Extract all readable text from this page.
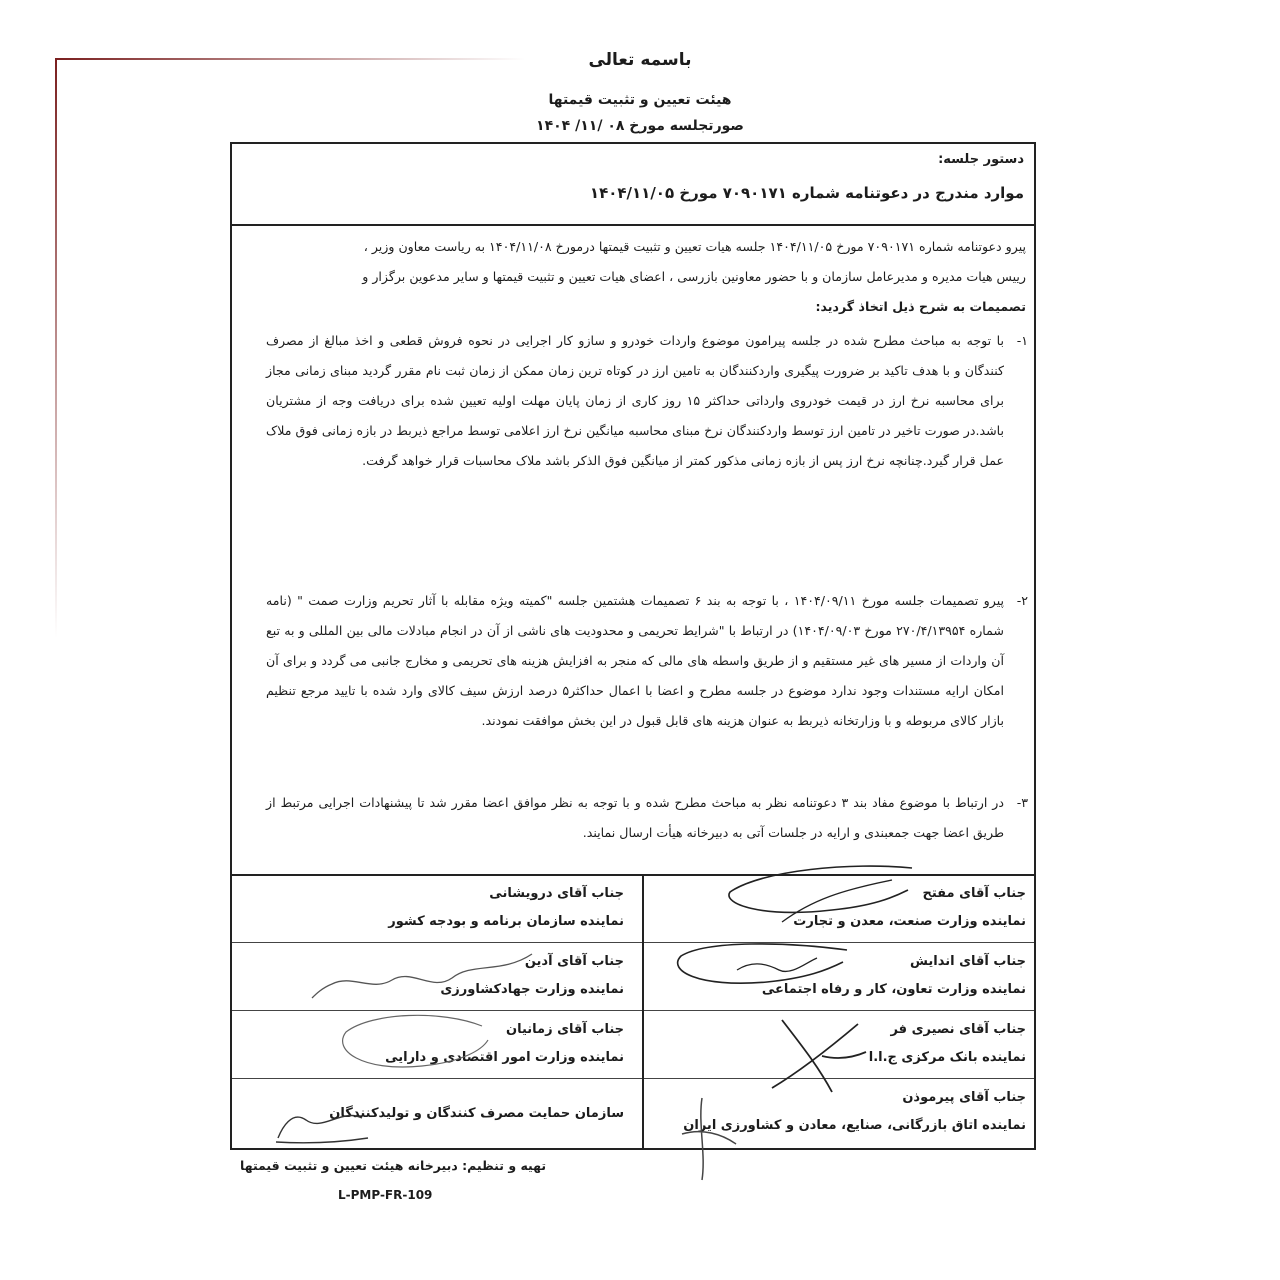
باسمه تعالی
هیئت تعیین و تثبیت قیمتها
صورتجلسه مورخ ۰۸ /۱۱/ ۱۴۰۴
دستور جلسه:
موارد مندرج در دعوتنامه شماره ۷۰۹۰۱۷۱ مورخ ۱۴۰۴/۱۱/۰۵
پیرو دعوتنامه شماره ۷۰۹۰۱۷۱ مورخ ۱۴۰۴/۱۱/۰۵ جلسه هیات تعیین و تثبیت قیمتها درمورخ ۱۴۰۴/۱۱/۰۸ به ریاست معاون وزیر ،
رییس هیات مدیره و مدیرعامل سازمان و با حضور معاونین بازرسی ، اعضای هیات تعیین و تثبیت قیمتها و سایر مدعوین برگزار و
تصمیمات به شرح ذیل اتخاذ گردید:
۱-
با توجه به مباحث مطرح شده در جلسه پیرامون موضوع واردات خودرو و سازو کار اجرایی در نحوه فروش قطعی و اخذ مبالغ از مصرف کنندگان و با هدف تاکید بر ضرورت پیگیری واردکنندگان به تامین ارز در کوتاه ترین زمان ممکن از زمان ثبت نام مقرر گردید مبنای زمانی مجاز برای محاسبه نرخ ارز در قیمت خودروی وارداتی حداکثر ۱۵ روز کاری از زمان پایان مهلت اولیه تعیین شده برای دریافت وجه از مشتریان باشد.در صورت تاخیر در تامین ارز توسط واردکنندگان نرخ مبنای محاسبه میانگین نرخ ارز اعلامی توسط مراجع ذیربط در بازه زمانی فوق ملاک عمل قرار گیرد.چنانچه نرخ ارز پس از بازه زمانی مذکور کمتر از میانگین فوق الذکر باشد ملاک محاسبات قرار خواهد گرفت.
۲-
پیرو تصمیمات جلسه مورخ ۱۴۰۴/۰۹/۱۱ ، با توجه به بند ۶ تصمیمات هشتمین جلسه "کمیته ویژه مقابله با آثار تحریم وزارت صمت " (نامه شماره ۲۷۰/۴/۱۳۹۵۴ مورخ ۱۴۰۴/۰۹/۰۳) در ارتباط با "شرایط تحریمی و محدودیت های ناشی از آن در انجام مبادلات مالی بین المللی و به تبع آن واردات از مسیر های غیر مستقیم و از طریق واسطه های مالی که منجر به افزایش هزینه های تحریمی و مخارج جانبی می گردد و برای آن امکان ارایه مستندات وجود ندارد موضوع در جلسه مطرح و اعضا با اعمال حداکثر۵ درصد ارزش سیف کالای وارد شده با تایید مرجع تنظیم بازار کالای مربوطه و با وزارتخانه ذیربط به عنوان هزینه های قابل قبول در این بخش موافقت نمودند.
۳-
در ارتباط با موضوع مفاد بند ۳ دعوتنامه نظر به مباحث مطرح شده و با توجه به نظر موافق اعضا مقرر شد تا پیشنهادات اجرایی مرتبط از طریق اعضا جهت جمعبندی و ارایه در جلسات آتی به دبیرخانه هیأت ارسال نمایند.
جناب آقای مفتح
نماینده وزارت صنعت، معدن و تجارت
جناب آقای درویشانی
نماینده سازمان برنامه و بودجه کشور
جناب آقای اندایش
نماینده وزارت تعاون، کار و رفاه اجتماعی
جناب آقای آدین
نماینده وزارت جهادکشاورزی
جناب آقای نصیری فر
نماینده بانک مرکزی ج.ا.ا
جناب آقای زمانیان
نماینده وزارت امور اقتصادی و دارایی
جناب آقای پیرموذن
نماینده اتاق بازرگانی، صنایع، معادن و کشاورزی ایران
سازمان حمایت مصرف کنندگان و تولیدکنندگان
تهیه و تنظیم: دبیرخانه هیئت تعیین و تثبیت قیمتها
L-PMP-FR-109
